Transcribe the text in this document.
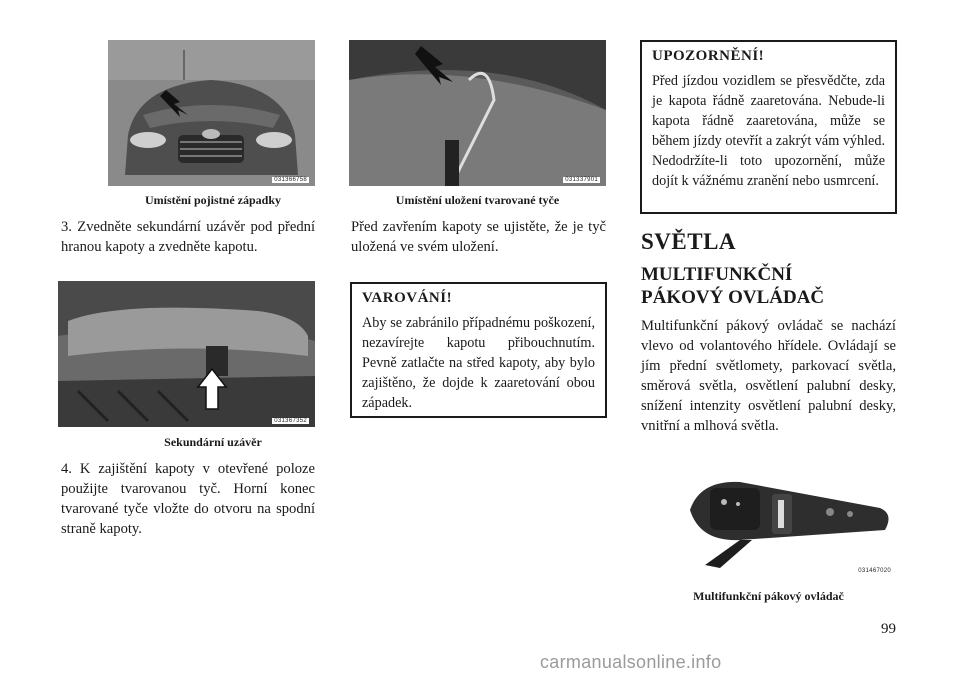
031366758
Umístění pojistné západky

3. Zvedněte sekundární uzávěr pod přední hranou kapoty a zvedněte kapotu.

031367352
Sekundární uzávěr

4. K zajištění kapoty v otevřené poloze použijte tvarovanou tyč. Horní konec tvarované tyče vložte do otvoru na spodní straně kapoty.

031337901
Umístění uložení tvarované tyče

Před zavřením kapoty se ujistěte, že je tyč uložená ve svém uložení.

VAROVÁNÍ!

Aby se zabránilo případnému poškození, nezavírejte kapotu přibouchnutím. Pevně zatlačte na střed kapoty, aby bylo zajištěno, že dojde k zaaretování obou západek.

UPOZORNĚNÍ!

Před jízdou vozidlem se přesvědčte, zda je kapota řádně zaaretována. Nebude-li kapota řádně zaaretována, může se během jízdy otevřít a zakrýt vám výhled. Nedodržíte-li toto upozornění, může dojít k vážnému zranění nebo usmrcení.

SVĚTLA
MULTIFUNKČNÍ PÁKOVÝ OVLÁDAČ

Multifunkční pákový ovládač se nachází vlevo od volantového hřídele. Ovládají se jím přední světlomety, parkovací světla, směrová světla, osvětlení palubní desky, snížení intenzity osvětlení palubní desky, vnitřní a mlhová světla.

031467020
Multifunkční pákový ovládač
99
carmanualsonline.info
